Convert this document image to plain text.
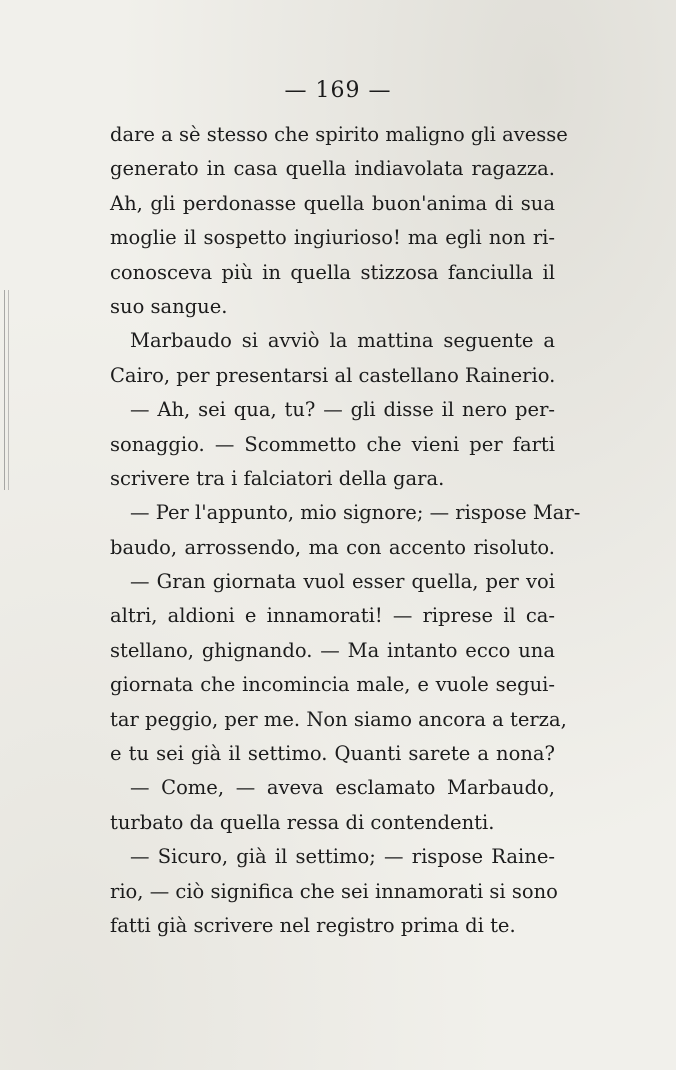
— 169 —
dare a sè stesso che spirito maligno gli avesse
generato in casa quella indiavolata ragazza.
Ah, gli perdonasse quella buon'anima di sua
moglie il sospetto ingiurioso! ma egli non ri-
conosceva più in quella stizzosa fanciulla il
suo sangue.
Marbaudo si avviò la mattina seguente a
Cairo, per presentarsi al castellano Rainerio.
— Ah, sei qua, tu? — gli disse il nero per-
sonaggio. — Scommetto che vieni per farti
scrivere tra i falciatori della gara.
— Per l'appunto, mio signore; — rispose Mar-
baudo, arrossendo, ma con accento risoluto.
— Gran giornata vuol esser quella, per voi
altri, aldioni e innamorati! — riprese il ca-
stellano, ghignando. — Ma intanto ecco una
giornata che incomincia male, e vuole segui-
tar peggio, per me. Non siamo ancora a terza,
e tu sei già il settimo. Quanti sarete a nona?
— Come, — aveva esclamato Marbaudo,
turbato da quella ressa di contendenti.
— Sicuro, già il settimo; — rispose Raine-
rio, — ciò significa che sei innamorati si sono
fatti già scrivere nel registro prima di te.
